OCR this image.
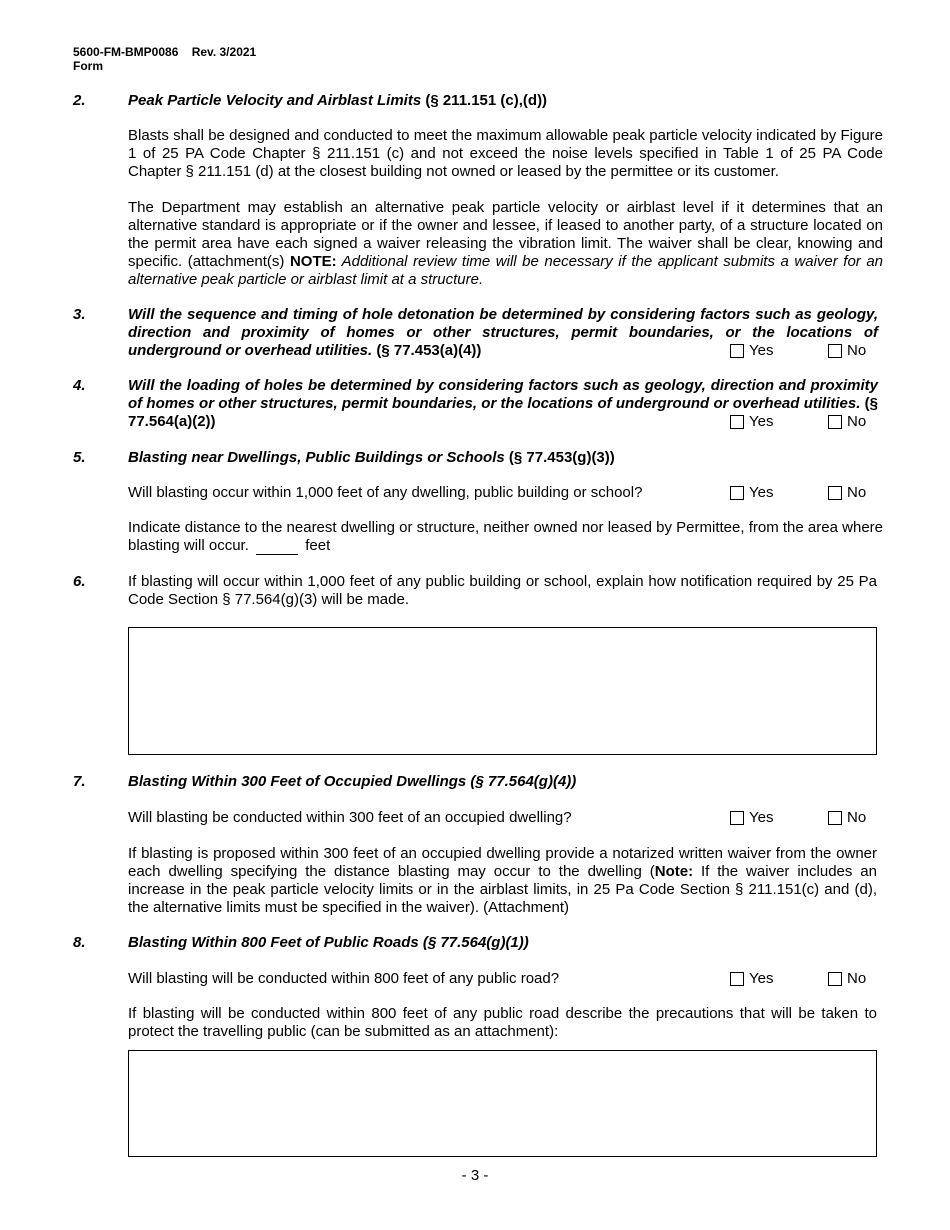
5600-FM-BMP0086 Rev. 3/2021
Form
2.	Peak Particle Velocity and Airblast Limits (§ 211.151 (c),(d))
Blasts shall be designed and conducted to meet the maximum allowable peak particle velocity indicated by Figure 1 of 25 PA Code Chapter § 211.151 (c) and not exceed the noise levels specified in Table 1 of 25 PA Code Chapter § 211.151 (d) at the closest building not owned or leased by the permittee or its customer.
The Department may establish an alternative peak particle velocity or airblast level if it determines that an alternative standard is appropriate or if the owner and lessee, if leased to another party, of a structure located on the permit area have each signed a waiver releasing the vibration limit. The waiver shall be clear, knowing and specific. (attachment(s) NOTE: Additional review time will be necessary if the applicant submits a waiver for an alternative peak particle or airblast limit at a structure.
3.	Will the sequence and timing of hole detonation be determined by considering factors such as geology, direction and proximity of homes or other structures, permit boundaries, or the locations of underground or overhead utilities. (§ 77.453(a)(4))	Yes	No
4.	Will the loading of holes be determined by considering factors such as geology, direction and proximity of homes or other structures, permit boundaries, or the locations of underground or overhead utilities. (§ 77.564(a)(2))	Yes	No
5.	Blasting near Dwellings, Public Buildings or Schools (§ 77.453(g)(3))
Will blasting occur within 1,000 feet of any dwelling, public building or school?	Yes	No
Indicate distance to the nearest dwelling or structure, neither owned nor leased by Permittee, from the area where blasting will occur.	feet
6.	If blasting will occur within 1,000 feet of any public building or school, explain how notification required by 25 Pa Code Section § 77.564(g)(3) will be made.
7.	Blasting Within 300 Feet of Occupied Dwellings (§ 77.564(g)(4))
Will blasting be conducted within 300 feet of an occupied dwelling?	Yes	No
If blasting is proposed within 300 feet of an occupied dwelling provide a notarized written waiver from the owner each dwelling specifying the distance blasting may occur to the dwelling (Note: If the waiver includes an increase in the peak particle velocity limits or in the airblast limits, in 25 Pa Code Section § 211.151(c) and (d), the alternative limits must be specified in the waiver). (Attachment)
8.	Blasting Within 800 Feet of Public Roads (§ 77.564(g)(1))
Will blasting will be conducted within 800 feet of any public road?	Yes	No
If blasting will be conducted within 800 feet of any public road describe the precautions that will be taken to protect the travelling public (can be submitted as an attachment):
- 3 -
